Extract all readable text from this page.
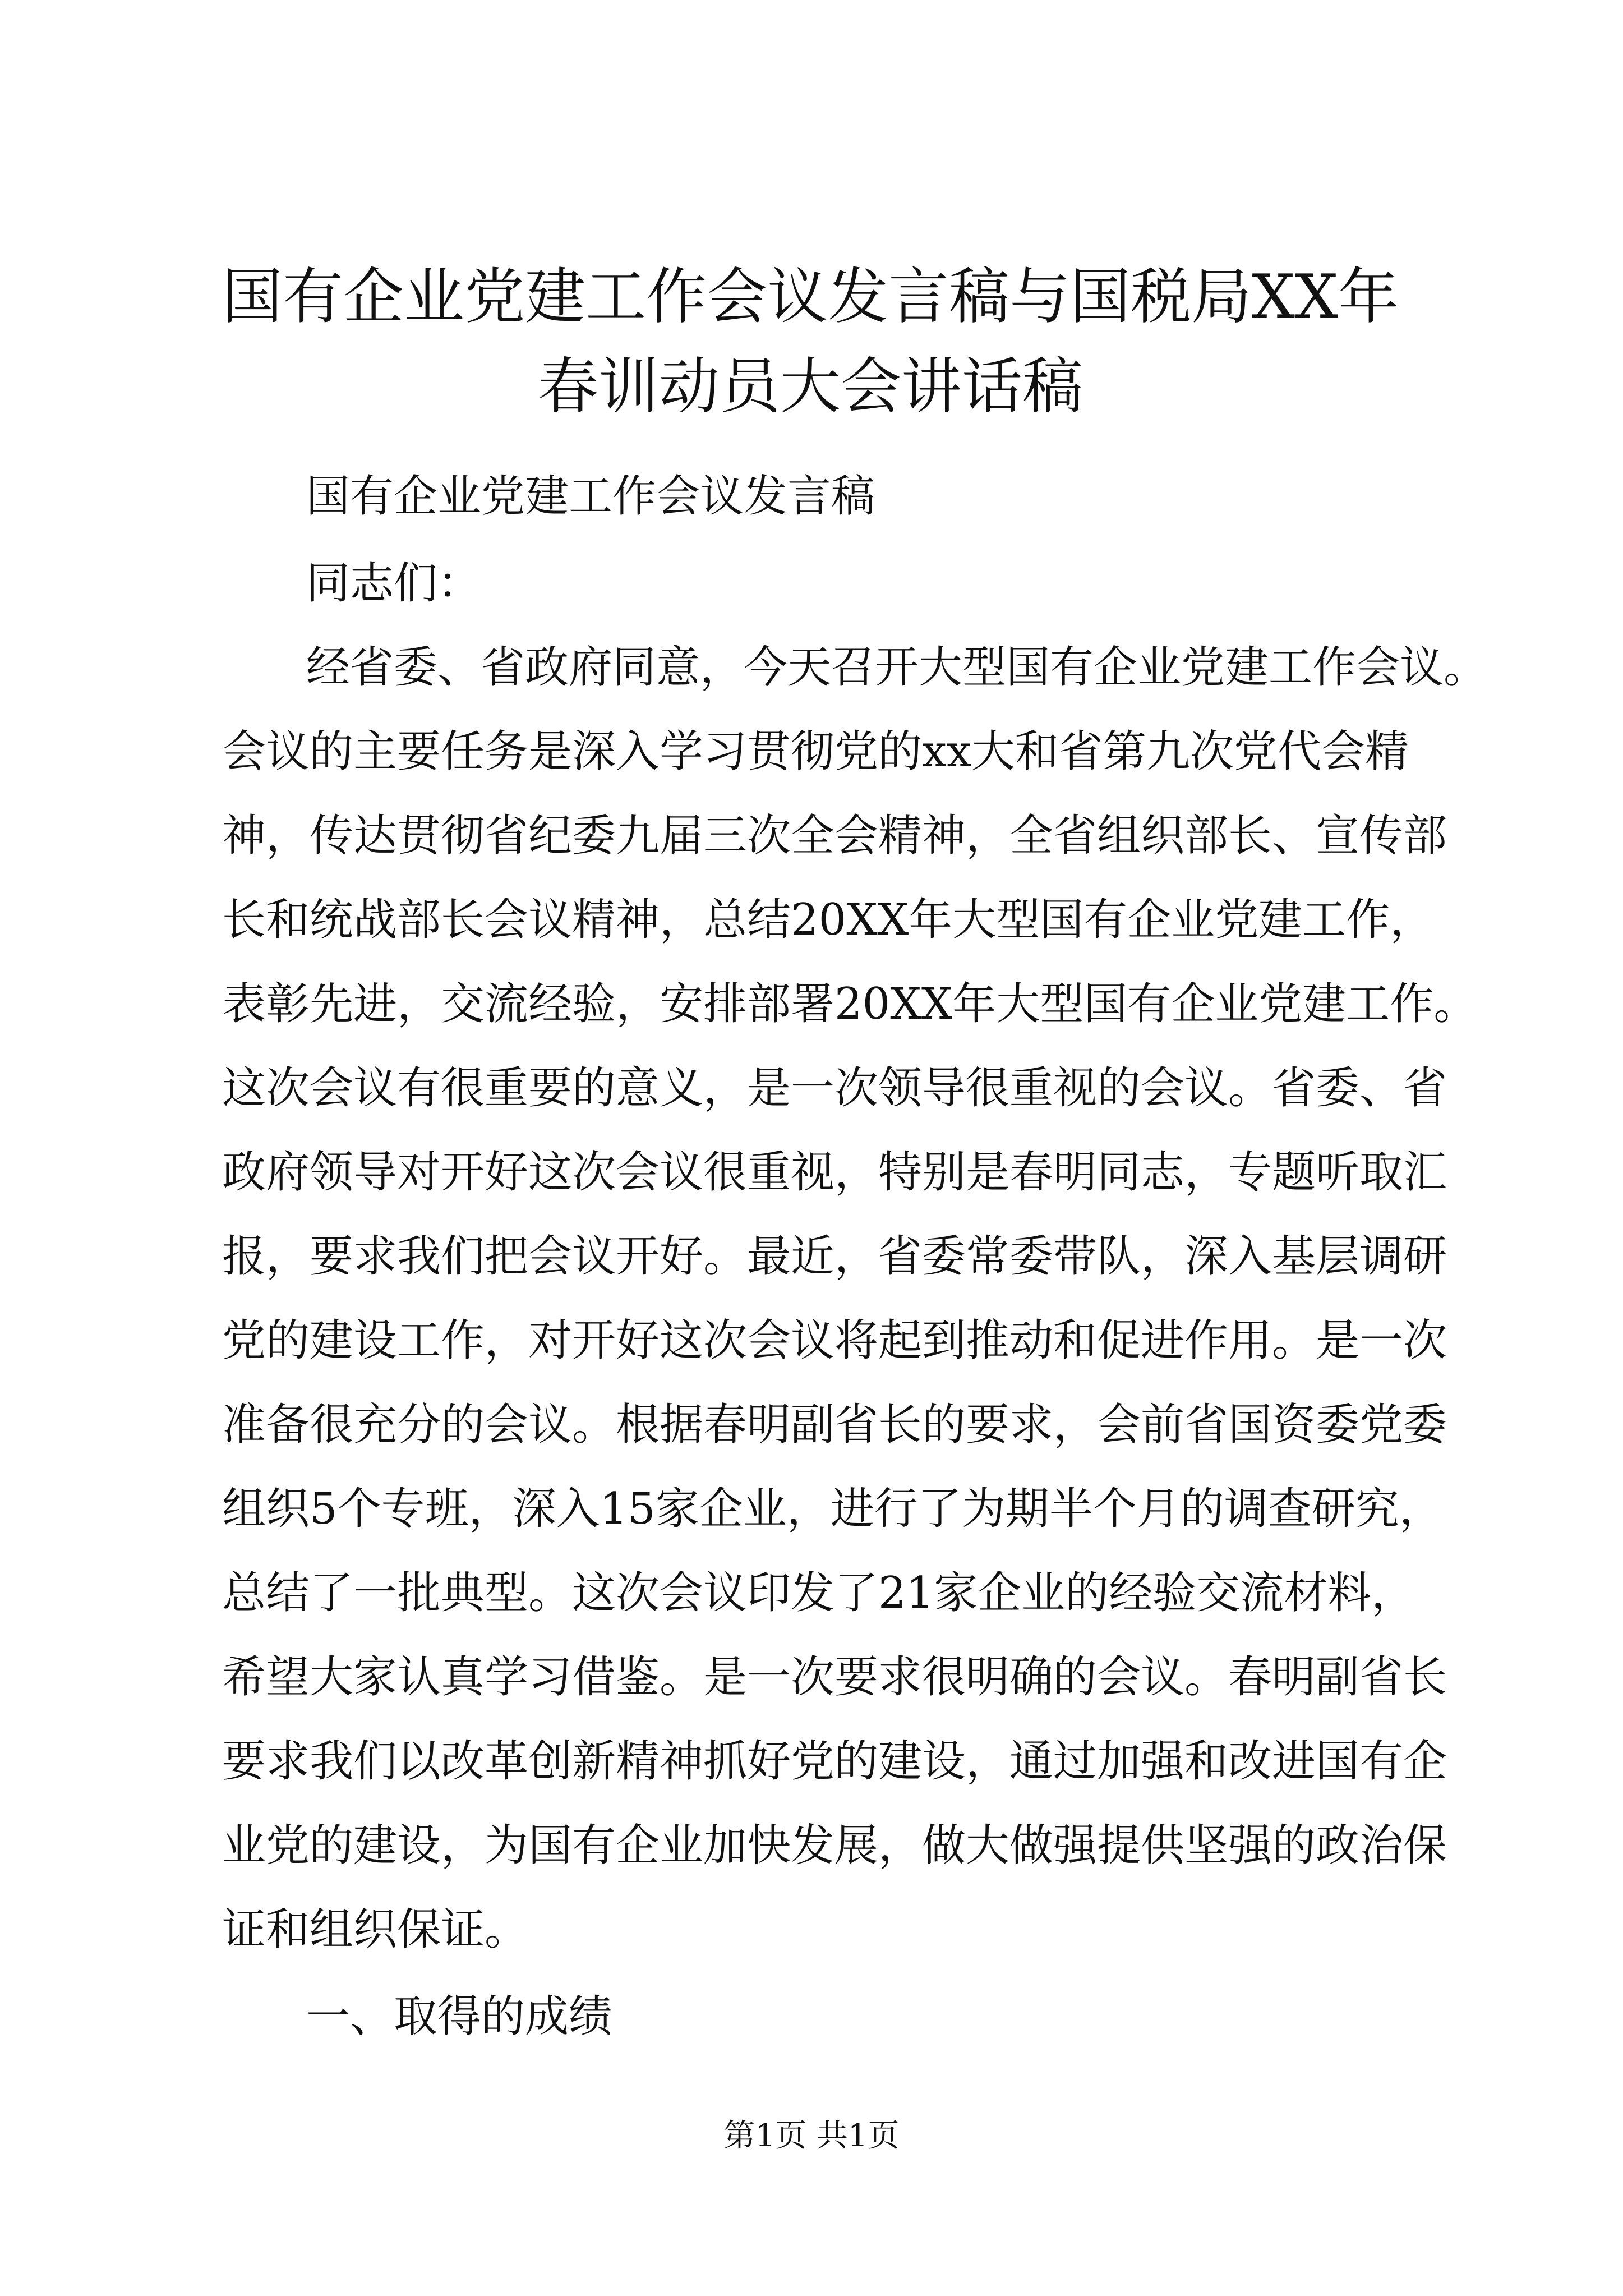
国有企业党建工作会议发言稿与国税局XX年
春训动员大会讲话稿
国有企业党建工作会议发言稿
同志们：
经省委、省政府同意，今天召开大型国有企业党建工作会议。
会议的主要任务是深入学习贯彻党的xx大和省第九次党代会精
神，传达贯彻省纪委九届三次全会精神，全省组织部长、宣传部
长和统战部长会议精神，总结20XX年大型国有企业党建工作，
表彰先进，交流经验，安排部署20XX年大型国有企业党建工作。
这次会议有很重要的意义，是一次领导很重视的会议。省委、省
政府领导对开好这次会议很重视，特别是春明同志，专题听取汇
报，要求我们把会议开好。最近，省委常委带队，深入基层调研
党的建设工作，对开好这次会议将起到推动和促进作用。是一次
准备很充分的会议。根据春明副省长的要求，会前省国资委党委
组织5个专班，深入15家企业，进行了为期半个月的调查研究，
总结了一批典型。这次会议印发了21家企业的经验交流材料，
希望大家认真学习借鉴。是一次要求很明确的会议。春明副省长
要求我们以改革创新精神抓好党的建设，通过加强和改进国有企
业党的建设，为国有企业加快发展，做大做强提供坚强的政治保
证和组织保证。
一、取得的成绩
第1页 共1页
